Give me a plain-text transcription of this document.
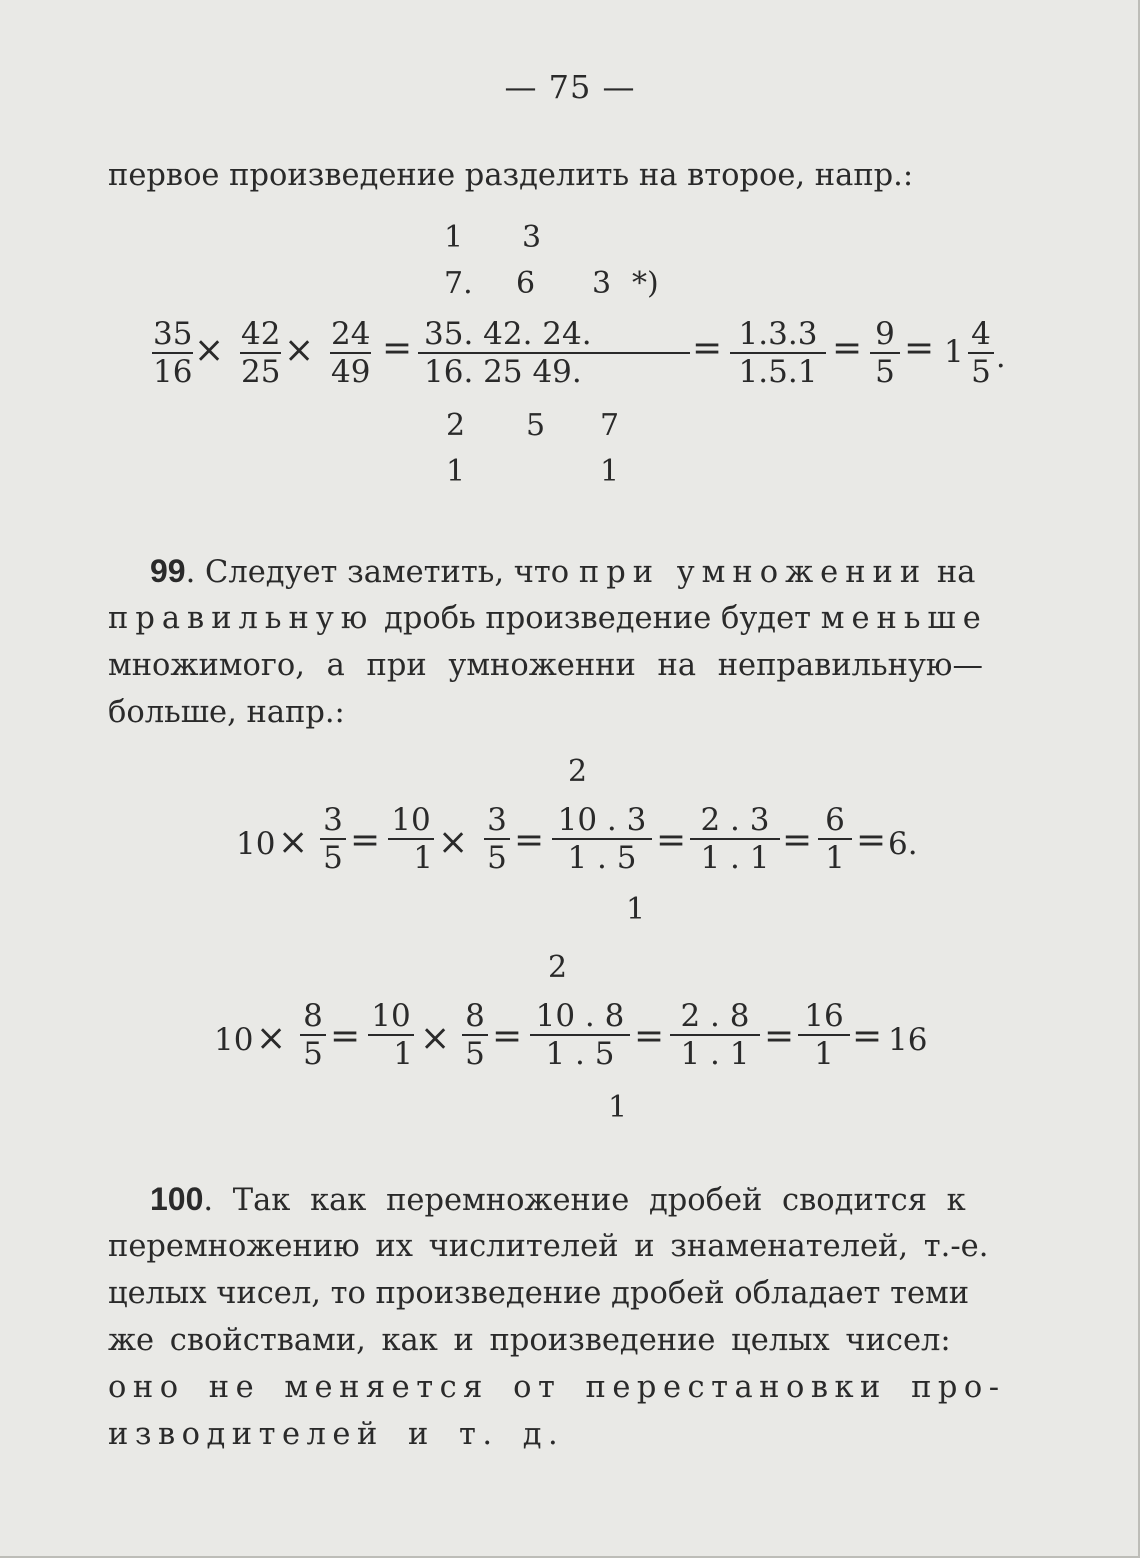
— 75 —
первое произведение разделить на второе, напр.:
1 3
7. 6 3 *)
$\frac{35}{16} \times \frac{42}{25} \times \frac{24}{49} = \frac{35. 42. 24.}{16. 25 49.} = \frac{1.3.3}{1.5.1} = \frac{9}{5} = 1 \frac{4}{5}$ .
2 5 7
1	1
99. Следует заметить, что при умножении на
правильную дробь произведение будет меньше
множимого, а при умноженни на неправильную—
больше, напр.:
2
$10 \times \frac{3}{5} = \frac{10}{1} \times \frac{3}{5} = \frac{10 . 3}{1 . 5} = \frac{2 . 3}{1 . 1} = \frac{6}{1} = 6$.
1
2
$10 \times \frac{8}{5} = \frac{10}{1} \times \frac{8}{5} = \frac{10 . 8}{1 . 5} = \frac{2 . 8}{1 . 1} = \frac{16}{1} = 16$
1
100. Так как перемножение дробей сводится к
перемножению их числителей и знаменателей, т.-е.
целых чисел, то произведение дробей обладает теми
же свойствами, как и произведение целых чисел:
оно не меняется от перестановки про-
изводителей и т. д.
